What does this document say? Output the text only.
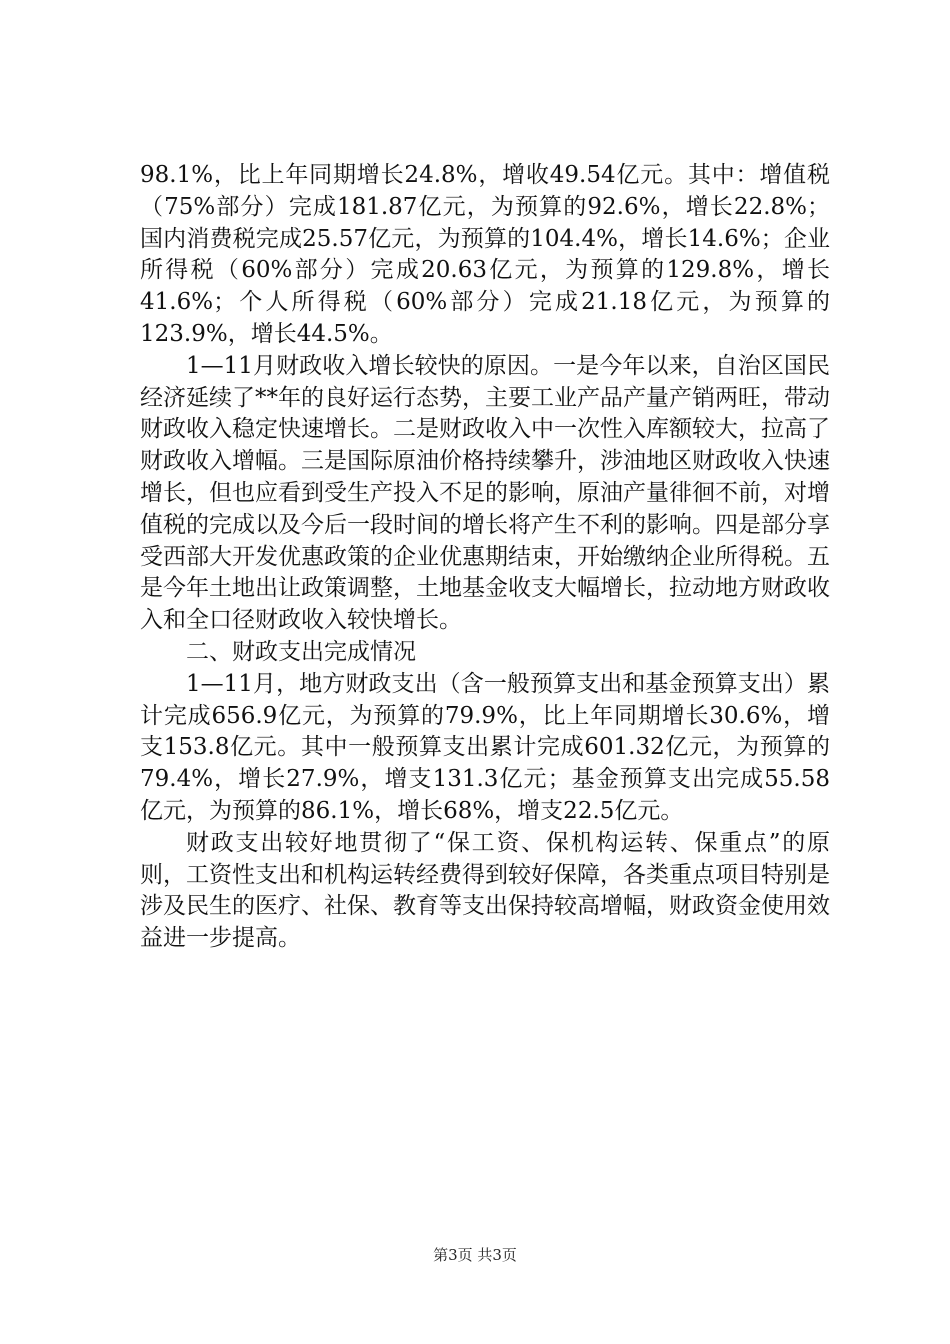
98.1%，比上年同期增长24.8%，增收49.54亿元。其中：增值税（75%部分）完成181.87亿元，为预算的92.6%，增长22.8%；国内消费税完成25.57亿元，为预算的104.4%，增长14.6%；企业所得税（60%部分）完成20.63亿元，为预算的129.8%，增长41.6%；个人所得税（60%部分）完成21.18亿元，为预算的123.9%，增长44.5%。

1—11月财政收入增长较快的原因。一是今年以来，自治区国民经济延续了**年的良好运行态势，主要工业产品产量产销两旺，带动财政收入稳定快速增长。二是财政收入中一次性入库额较大，拉高了财政收入增幅。三是国际原油价格持续攀升，涉油地区财政收入快速增长，但也应看到受生产投入不足的影响，原油产量徘徊不前，对增值税的完成以及今后一段时间的增长将产生不利的影响。四是部分享受西部大开发优惠政策的企业优惠期结束，开始缴纳企业所得税。五是今年土地出让政策调整，土地基金收支大幅增长，拉动地方财政收入和全口径财政收入较快增长。

二、财政支出完成情况

1—11月，地方财政支出（含一般预算支出和基金预算支出）累计完成656.9亿元，为预算的79.9%，比上年同期增长30.6%，增支153.8亿元。其中一般预算支出累计完成601.32亿元，为预算的79.4%，增长27.9%，增支131.3亿元；基金预算支出完成55.58亿元，为预算的86.1%，增长68%，增支22.5亿元。

财政支出较好地贯彻了“保工资、保机构运转、保重点”的原则，工资性支出和机构运转经费得到较好保障，各类重点项目特别是涉及民生的医疗、社保、教育等支出保持较高增幅，财政资金使用效益进一步提高。

第3页 共3页
